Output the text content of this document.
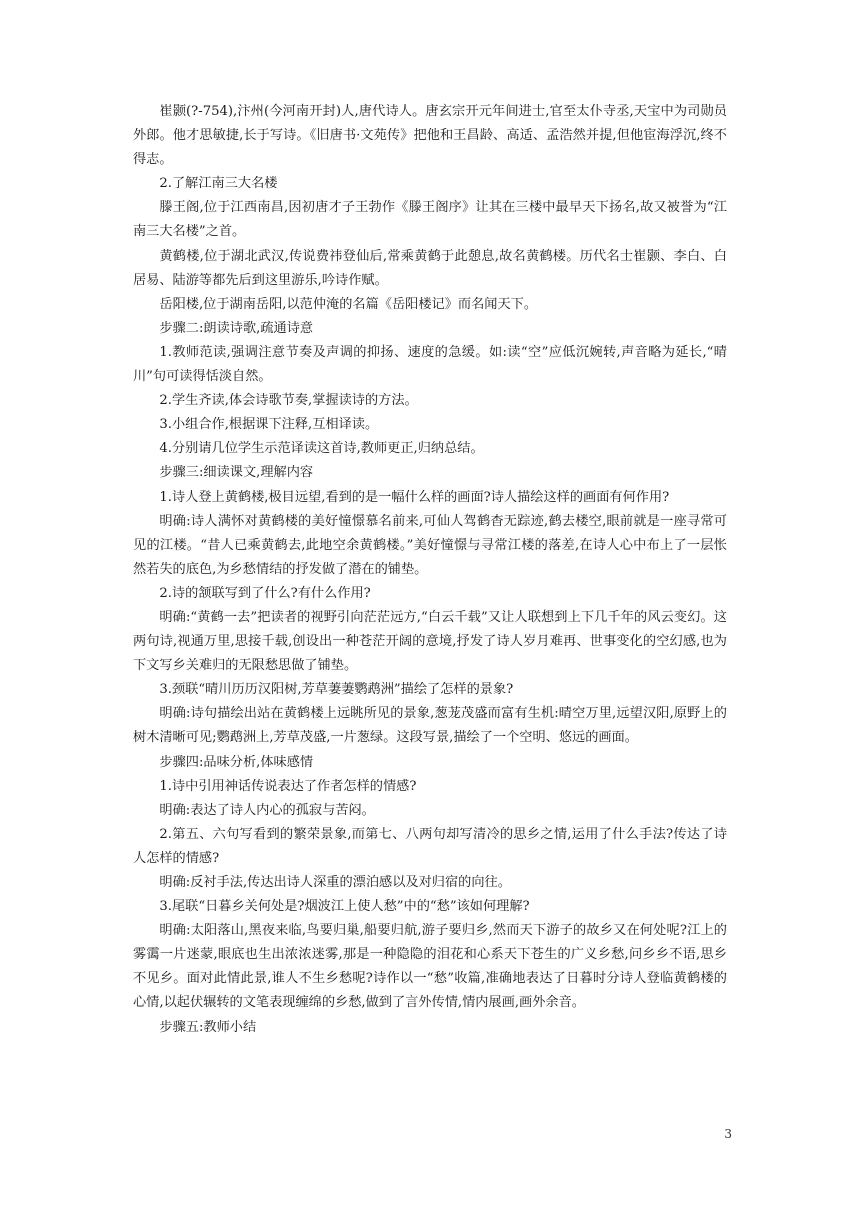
崔颢(?-754),汴州(今河南开封)人,唐代诗人。唐玄宗开元年间进士,官至太仆寺丞,天宝中为司勋员外郎。他才思敏捷,长于写诗。《旧唐书·文苑传》把他和王昌龄、高适、孟浩然并提,但他宦海浮沉,终不得志。

2.了解江南三大名楼

滕王阁,位于江西南昌,因初唐才子王勃作《滕王阁序》让其在三楼中最早天下扬名,故又被誉为“江南三大名楼”之首。

黄鹤楼,位于湖北武汉,传说费祎登仙后,常乘黄鹤于此憩息,故名黄鹤楼。历代名士崔颢、李白、白居易、陆游等都先后到这里游乐,吟诗作赋。

岳阳楼,位于湖南岳阳,以范仲淹的名篇《岳阳楼记》而名闻天下。

步骤二:朗读诗歌,疏通诗意

1.教师范读,强调注意节奏及声调的抑扬、速度的急缓。如:读“空”应低沉婉转,声音略为延长,“晴川”句可读得恬淡自然。

2.学生齐读,体会诗歌节奏,掌握读诗的方法。

3.小组合作,根据课下注释,互相译读。

4.分别请几位学生示范译读这首诗,教师更正,归纳总结。

步骤三:细读课文,理解内容

1.诗人登上黄鹤楼,极目远望,看到的是一幅什么样的画面?诗人描绘这样的画面有何作用?

明确:诗人满怀对黄鹤楼的美好憧憬慕名前来,可仙人驾鹤杳无踪迹,鹤去楼空,眼前就是一座寻常可见的江楼。“昔人已乘黄鹤去,此地空余黄鹤楼。”美好憧憬与寻常江楼的落差,在诗人心中布上了一层怅然若失的底色,为乡愁情结的抒发做了潜在的铺垫。

2.诗的颔联写到了什么?有什么作用?

明确:“黄鹤一去”把读者的视野引向茫茫远方,“白云千载”又让人联想到上下几千年的风云变幻。这两句诗,视通万里,思接千载,创设出一种苍茫开阔的意境,抒发了诗人岁月难再、世事变化的空幻感,也为下文写乡关难归的无限愁思做了铺垫。

3.颈联“晴川历历汉阳树,芳草萋萋鹦鹉洲”描绘了怎样的景象?

明确:诗句描绘出站在黄鹤楼上远眺所见的景象,葱茏茂盛而富有生机:晴空万里,远望汉阳,原野上的树木清晰可见;鹦鹉洲上,芳草茂盛,一片葱绿。这段写景,描绘了一个空明、悠远的画面。

步骤四:品味分析,体味感情

1.诗中引用神话传说表达了作者怎样的情感?

明确:表达了诗人内心的孤寂与苦闷。

2.第五、六句写看到的繁荣景象,而第七、八两句却写清冷的思乡之情,运用了什么手法?传达了诗人怎样的情感?

明确:反衬手法,传达出诗人深重的漂泊感以及对归宿的向往。

3.尾联“日暮乡关何处是?烟波江上使人愁”中的“愁”该如何理解?

明确:太阳落山,黑夜来临,鸟要归巢,船要归航,游子要归乡,然而天下游子的故乡又在何处呢?江上的雾霭一片迷蒙,眼底也生出浓浓迷雾,那是一种隐隐的泪花和心系天下苍生的广义乡愁,问乡乡不语,思乡不见乡。面对此情此景,谁人不生乡愁呢?诗作以一“愁”收篇,准确地表达了日暮时分诗人登临黄鹤楼的心情,以起伏辗转的文笔表现缠绵的乡愁,做到了言外传情,情内展画,画外余音。

步骤五:教师小结

3
